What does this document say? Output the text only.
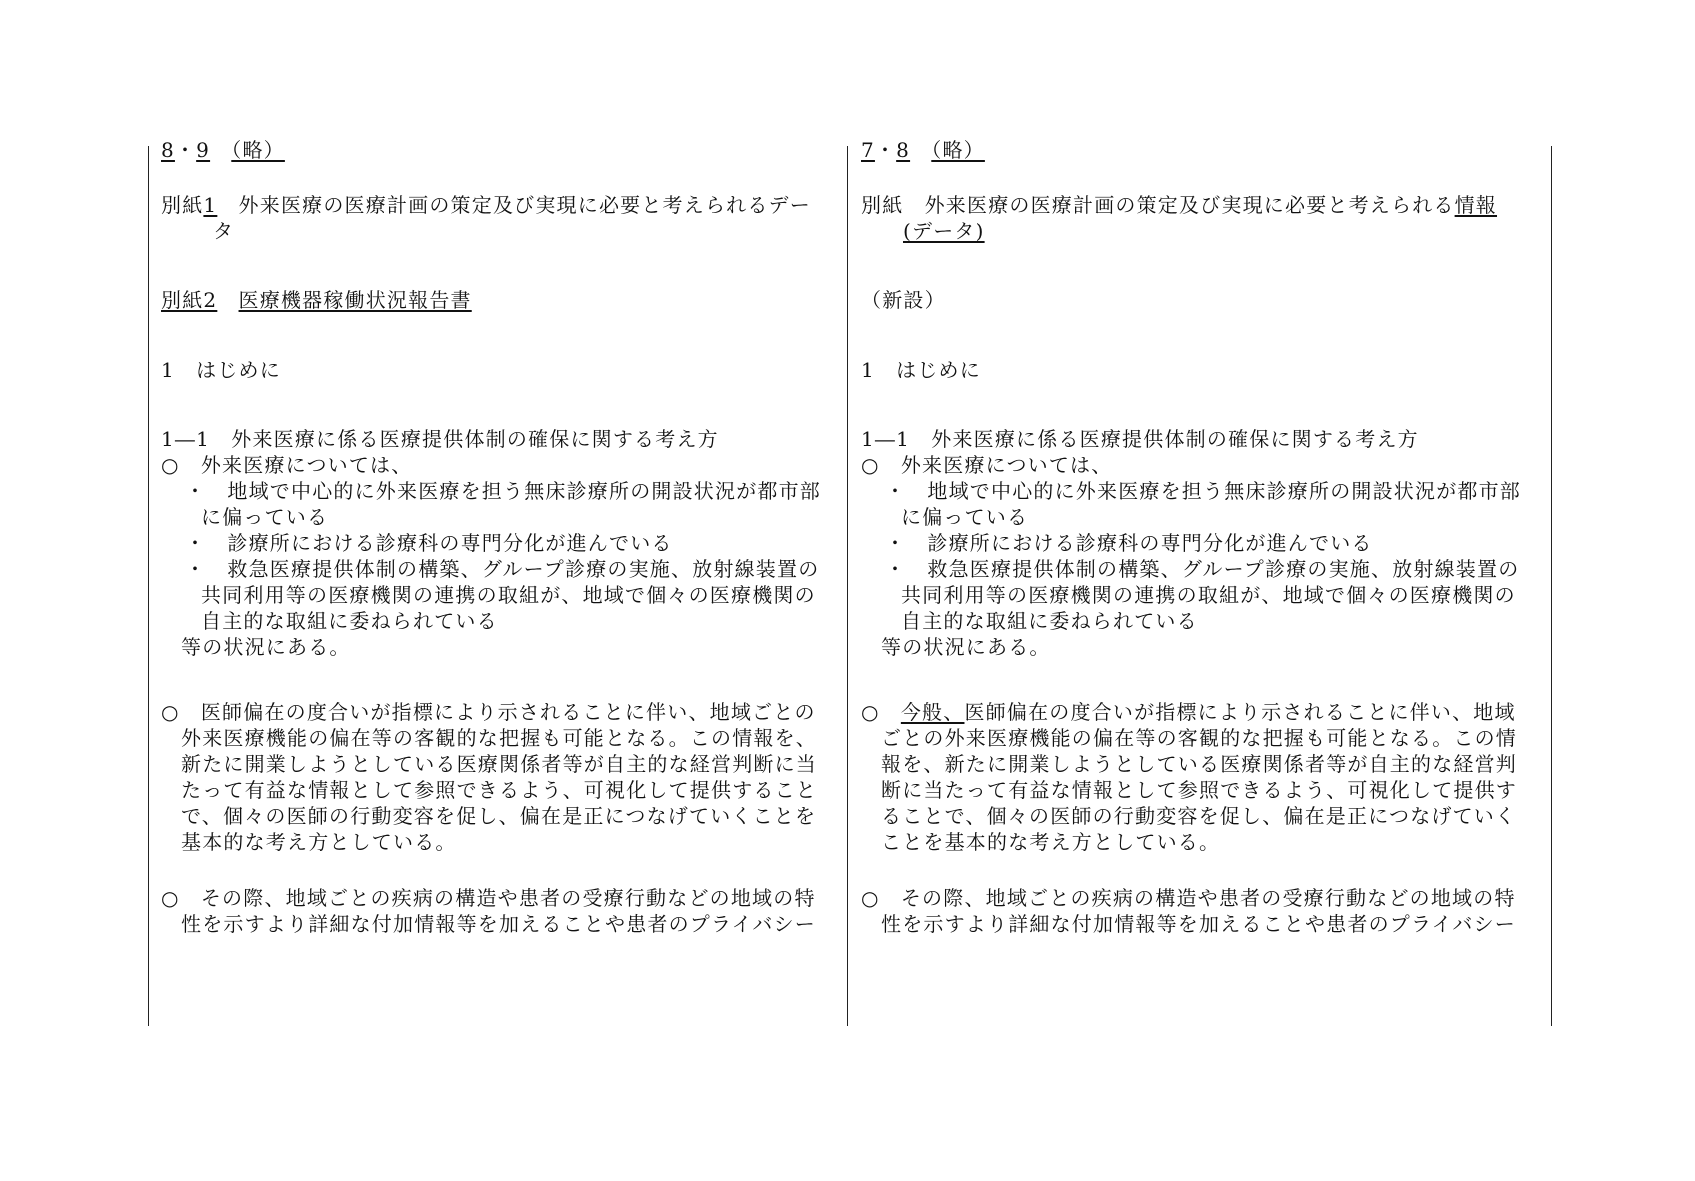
8・9　 （略）
別紙1　外来医療の医療計画の策定及び実現に必要と考えられるデー
タ
別紙2　 医療機器稼働状況報告書
1　はじめに
1―1　外来医療に係る医療提供体制の確保に関する考え方
○　外来医療については、
・　地域で中心的に外来医療を担う無床診療所の開設状況が都市部
に偏っている
・　診療所における診療科の専門分化が進んでいる
・　救急医療提供体制の構築、グループ診療の実施、放射線装置の
共同利用等の医療機関の連携の取組が、地域で個々の医療機関の
自主的な取組に委ねられている
等の状況にある。
○　医師偏在の度合いが指標により示されることに伴い、地域ごとの
外来医療機能の偏在等の客観的な把握も可能となる。この情報を、
新たに開業しようとしている医療関係者等が自主的な経営判断に当
たって有益な情報として参照できるよう、可視化して提供すること
で、個々の医師の行動変容を促し、偏在是正につなげていくことを
基本的な考え方としている。
○　その際、地域ごとの疾病の構造や患者の受療行動などの地域の特
性を示すより詳細な付加情報等を加えることや患者のプライバシー
7・8　 （略）
別紙　外来医療の医療計画の策定及び実現に必要と考えられる情報
(データ)
（新設）
1　はじめに
1―1　外来医療に係る医療提供体制の確保に関する考え方
○　外来医療については、
・　地域で中心的に外来医療を担う無床診療所の開設状況が都市部
に偏っている
・　診療所における診療科の専門分化が進んでいる
・　救急医療提供体制の構築、グループ診療の実施、放射線装置の
共同利用等の医療機関の連携の取組が、地域で個々の医療機関の
自主的な取組に委ねられている
等の状況にある。
○　今般、医師偏在の度合いが指標により示されることに伴い、地域
ごとの外来医療機能の偏在等の客観的な把握も可能となる。この情
報を、新たに開業しようとしている医療関係者等が自主的な経営判
断に当たって有益な情報として参照できるよう、可視化して提供す
ることで、個々の医師の行動変容を促し、偏在是正につなげていく
ことを基本的な考え方としている。
○　その際、地域ごとの疾病の構造や患者の受療行動などの地域の特
性を示すより詳細な付加情報等を加えることや患者のプライバシー
